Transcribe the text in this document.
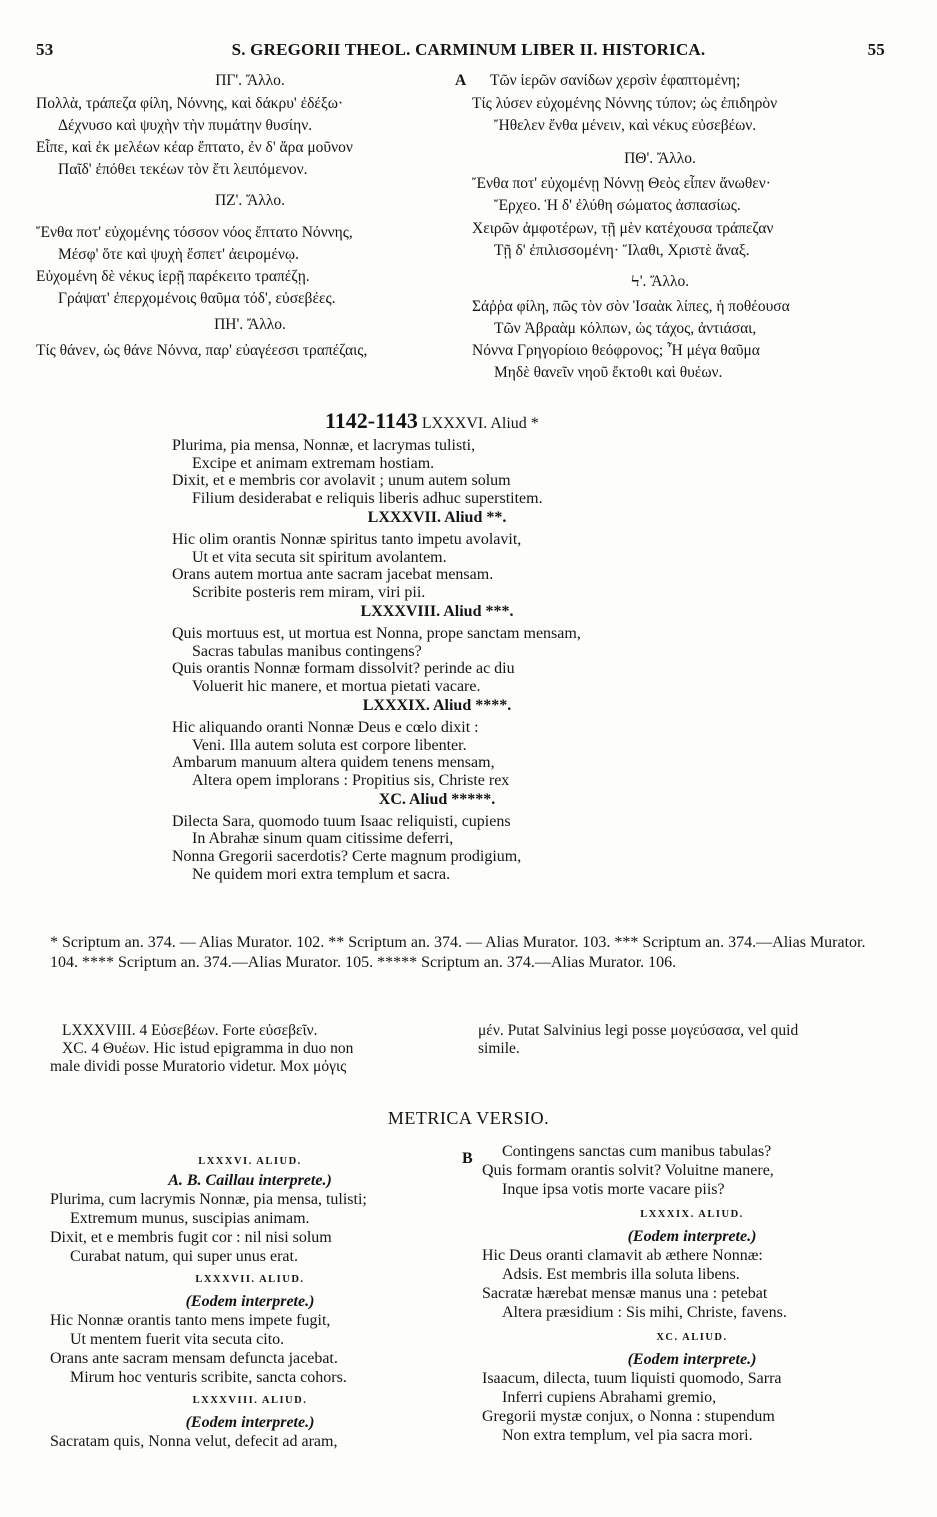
53	S. GREGORII THEOL. CARMINUM LIBER II. HISTORICA.	55
ΠΓ'. Ἄλλο.
Πολλὰ, τράπεζα φίλη, Νόννης, καὶ δάκρυ' ἐδέξω·
Δέχνυσο καὶ ψυχὴν τὴν πυμάτην θυσίην.
Εἶπε, καὶ ἐκ μελέων κέαρ ἔπτατο, ἐν δ' ἄρα μοῦνον
Παῖδ' ἐπόθει τεκέων τὸν ἔτι λειπόμενον.
ΠΖ'. Ἄλλο.
Ἔνθα ποτ' εὐχομένης τόσσον νόος ἔπτατο Νόννης,
Μέσφ' ὅτε καὶ ψυχὴ ἔσπετ' ἀειρομένῳ.
Εὐχομένη δὲ νέκυς ἱερῇ παρέκειτο τραπέζῃ.
Γράψατ' ἐπερχομένοις θαῦμα τόδ', εὐσεβέες.
ΠΗ'. Ἄλλο.
Τίς θάνεν, ὡς θάνε Νόννα, παρ' εὐαγέεσσι τραπέζαις,
A Τῶν ἱερῶν σανίδων χερσὶν ἐφαπτομένη;
Τίς λύσεν εὐχομένης Νόννης τύπον; ὡς ἐπιδηρὸν
Ἤθελεν ἔνθα μένειν, καὶ νέκυς εὐσεβέων.
ΠΘ'. Ἄλλο.
Ἔνθα ποτ' εὐχομένῃ Νόννῃ Θεὸς εἶπεν ἄνωθεν·
Ἔρχεο. Ἡ δ' ἐλύθη σώματος ἀσπασίως.
Χειρῶν ἀμφοτέρων, τῇ μὲν κατέχουσα τράπεζαν
Τῇ δ' ἐπιλισσομένη· Ἵλαθι, Χριστὲ ἄναξ.
Ϟ'. Ἄλλο.
Σάῤῥα φίλη, πῶς τὸν σὸν Ἰσαὰκ λίπες, ἡ ποθέουσα
Τῶν Ἀβραὰμ κόλπων, ὡς τάχος, ἀντιάσαι,
Νόννα Γρηγορίοιο θεόφρονος; Ἦ μέγα θαῦμα
Μηδὲ θανεῖν νηοῦ ἔκτοθι καὶ θυέων.
1142-1143 LXXXVI. Aliud *
Plurima, pia mensa, Nonnæ, et lacrymas tulisti,
Excipe et animam extremam hostiam.
Dixit, et e membris cor avolavit ; unum autem solum
Filium desiderabat e reliquis liberis adhuc superstitem.
LXXXVII. Aliud **.
Hic olim orantis Nonnæ spiritus tanto impetu avolavit,
Ut et vita secuta sit spiritum avolantem.
Orans autem mortua ante sacram jacebat mensam.
Scribite posteris rem miram, viri pii.
LXXXVIII. Aliud ***.
Quis mortuus est, ut mortua est Nonna, prope sanctam mensam,
Sacras tabulas manibus contingens?
Quis orantis Nonnæ formam dissolvit? perinde ac diu
Voluerit hic manere, et mortua pietati vacare.
LXXXIX. Aliud ****.
Hic aliquando oranti Nonnæ Deus e cœlo dixit :
Veni. Illa autem soluta est corpore libenter.
Ambarum manuum altera quidem tenens mensam,
Altera opem implorans : Propitius sis, Christe rex
XC. Aliud *****.
Dilecta Sara, quomodo tuum Isaac reliquisti, cupiens
In Abrahæ sinum quam citissime deferri,
Nonna Gregorii sacerdotis? Certe magnum prodigium,
Ne quidem mori extra templum et sacra.
* Scriptum an. 374. — Alias Murator. 102. ** Scriptum an. 374. — Alias Murator. 103. *** Scriptum an. 374.—Alias Murator. 104. **** Scriptum an. 374.—Alias Murator. 105. ***** Scriptum an. 374.—Alias Murator. 106.
LXXXVIII. 4 Εὐσεβέων. Forte εὐσεβεῖν.
XC. 4 Θυέων. Hic istud epigramma in duo non
male dividi posse Muratorio videtur. Mox μόγις
μέν. Putat Salvinius legi posse μογεύσασα, vel quid
simile.
METRICA VERSIO.
LXXXVI. ALIUD.
A. B. Caillau interprete.)
Plurima, cum lacrymis Nonnæ, pia mensa, tulisti;
Extremum munus, suscipias animam.
Dixit, et e membris fugit cor : nil nisi solum
Curabat natum, qui super unus erat.
LXXXVII. ALIUD.
(Eodem interprete.)
Hic Nonnæ orantis tanto mens impete fugit,
Ut mentem fuerit vita secuta cito.
Orans ante sacram mensam defuncta jacebat.
Mirum hoc venturis scribite, sancta cohors.
LXXXVIII. ALIUD.
(Eodem interprete.)
Sacratam quis, Nonna velut, defecit ad aram,
B	Contingens sanctas cum manibus tabulas?
Quis formam orantis solvit? Voluitne manere,
Inque ipsa votis morte vacare piis?
LXXXIX. ALIUD.
(Eodem interprete.)
Hic Deus oranti clamavit ab æthere Nonnæ:
Adsis. Est membris illa soluta libens.
Sacratæ hærebat mensæ manus una : petebat
Altera præsidium : Sis mihi, Christe, favens.
XC. ALIUD.
(Eodem interprete.)
Isaacum, dilecta, tuum liquisti quomodo, Sarra
Inferri cupiens Abrahami gremio,
Gregorii mystæ conjux, o Nonna : stupendum
Non extra templum, vel pia sacra mori.
